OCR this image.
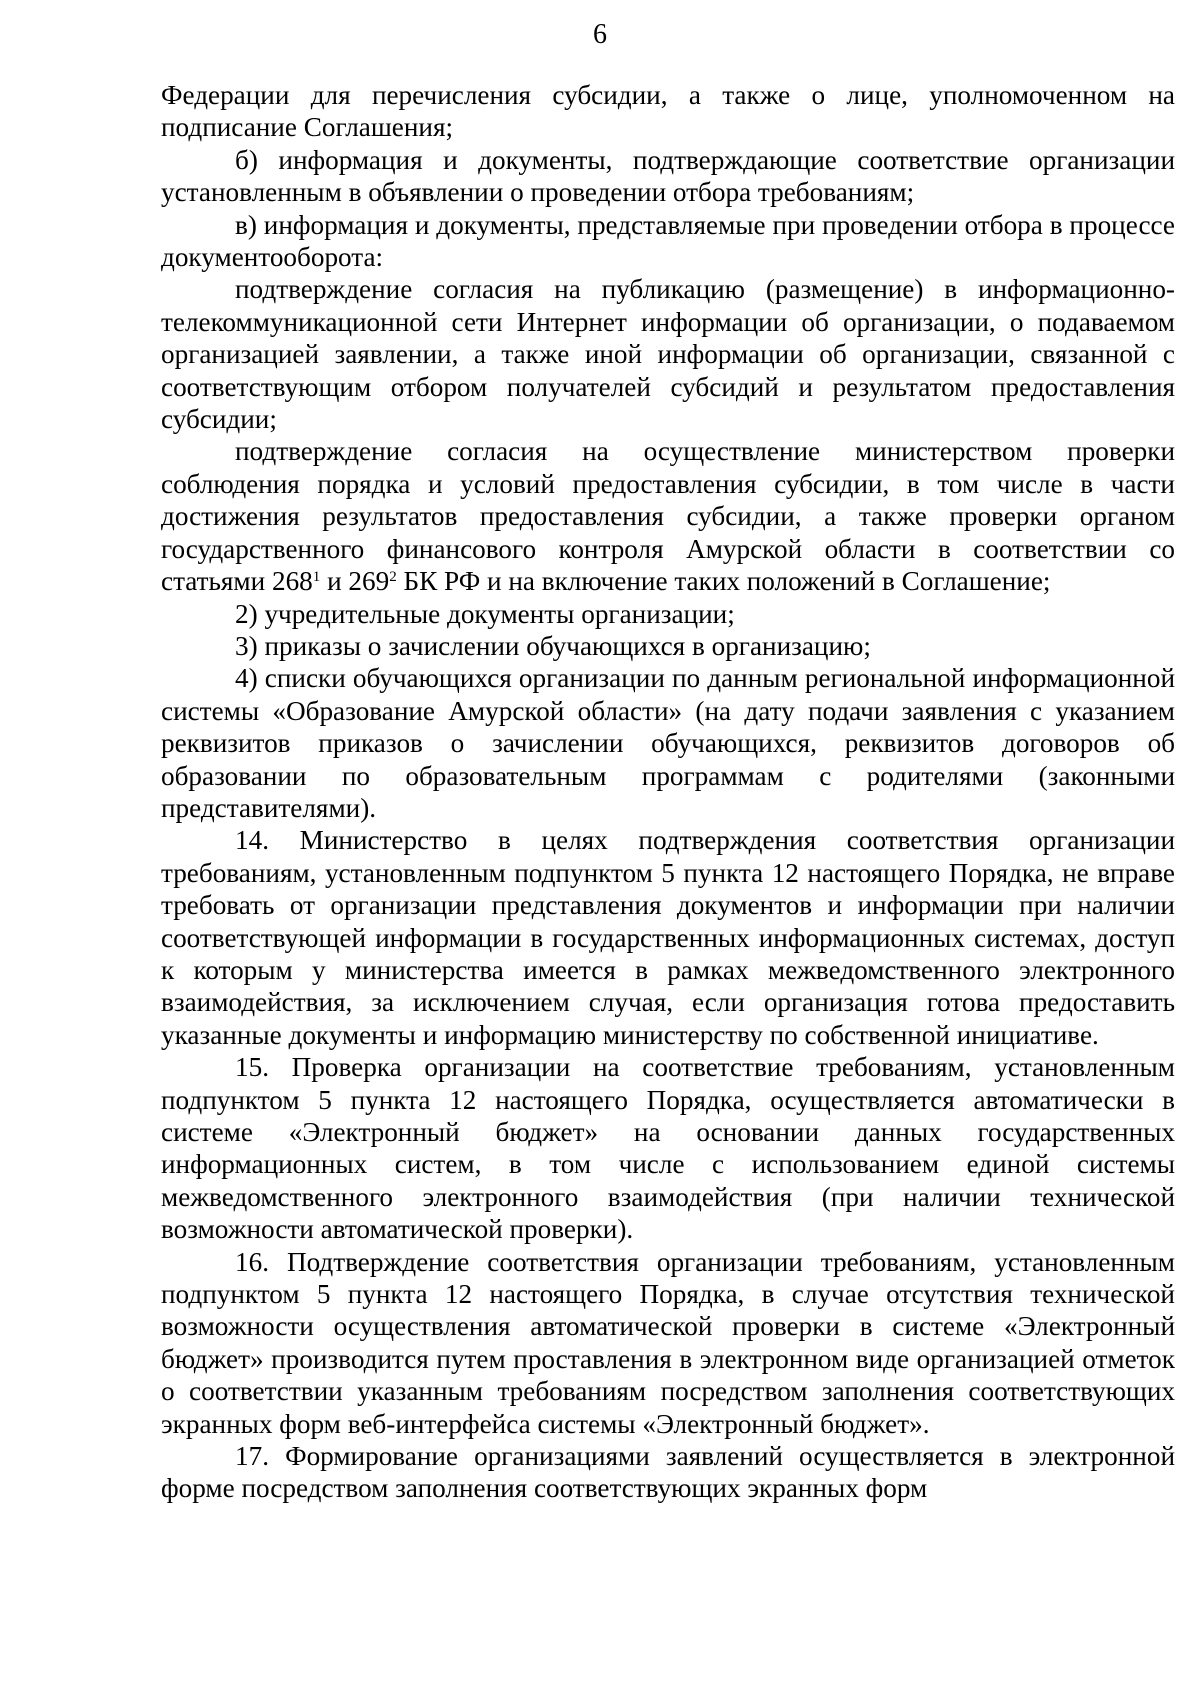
6

Федерации для перечисления субсидии, а также о лице, уполномоченном на подписание Соглашения;

б) информация и документы, подтверждающие соответствие организации установленным в объявлении о проведении отбора требованиям;

в) информация и документы, представляемые при проведении отбора в процессе документооборота:

подтверждение согласия на публикацию (размещение) в информационно-телекоммуникационной сети Интернет информации об организации, о подаваемом организацией заявлении, а также иной информации об организации, связанной с соответствующим отбором получателей субсидий и результатом предоставления субсидии;

подтверждение согласия на осуществление министерством проверки соблюдения порядка и условий предоставления субсидии, в том числе в части достижения результатов предоставления субсидии, а также проверки органом государственного финансового контроля Амурской области в соответствии со статьями $268^1$ и $269^2$ БК РФ и на включение таких положений в Соглашение;

2) учредительные документы организации;

3) приказы о зачислении обучающихся в организацию;

4) списки обучающихся организации по данным региональной информационной системы «Образование Амурской области» (на дату подачи заявления с указанием реквизитов приказов о зачислении обучающихся, реквизитов договоров об образовании по образовательным программам с родителями (законными представителями).

14. Министерство в целях подтверждения соответствия организации требованиям, установленным подпунктом 5 пункта 12 настоящего Порядка, не вправе требовать от организации представления документов и информации при наличии соответствующей информации в государственных информационных системах, доступ к которым у министерства имеется в рамках межведомственного электронного взаимодействия, за исключением случая, если организация готова предоставить указанные документы и информацию министерству по собственной инициативе.

15. Проверка организации на соответствие требованиям, установленным подпунктом 5 пункта 12 настоящего Порядка, осуществляется автоматически в системе «Электронный бюджет» на основании данных государственных информационных систем, в том числе с использованием единой системы межведомственного электронного взаимодействия (при наличии технической возможности автоматической проверки).

16. Подтверждение соответствия организации требованиям, установленным подпунктом 5 пункта 12 настоящего Порядка, в случае отсутствия технической возможности осуществления автоматической проверки в системе «Электронный бюджет» производится путем проставления в электронном виде организацией отметок о соответствии указанным требованиям посредством заполнения соответствующих экранных форм веб-интерфейса системы «Электронный бюджет».

17. Формирование организациями заявлений осуществляется в электронной форме посредством заполнения соответствующих экранных форм
